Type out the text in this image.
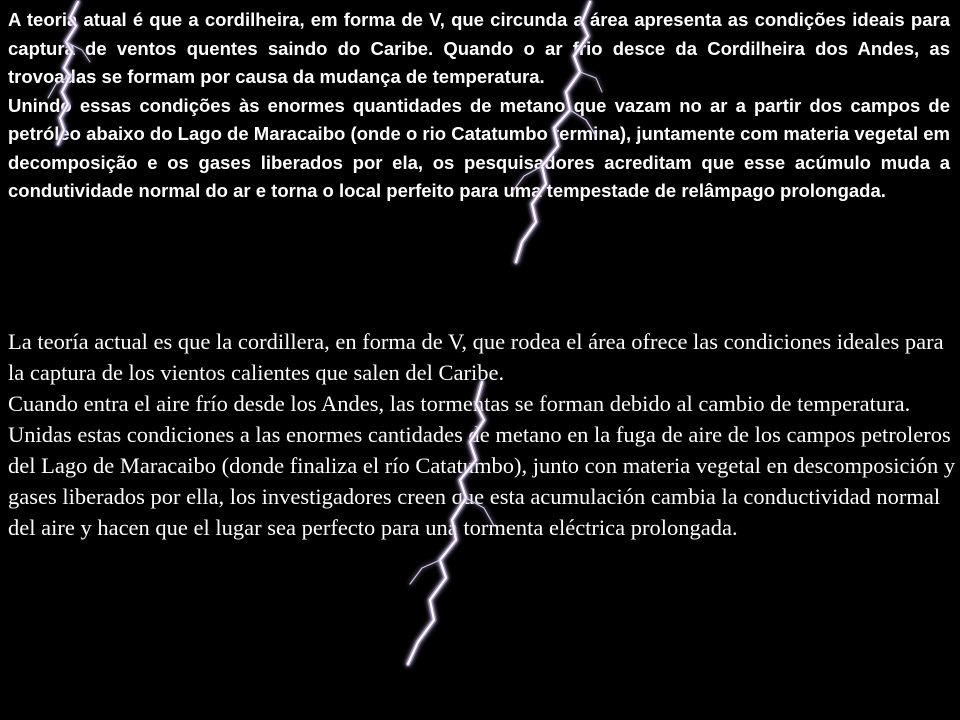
A teoria atual é que a cordilheira, em forma de V, que circunda a área apresenta as condições ideais para captura de ventos quentes saindo do Caribe. Quando o ar frio desce da Cordilheira dos Andes, as trovoadas se formam por causa da mudança de temperatura.

Unindo essas condições às enormes quantidades de metano que vazam no ar a partir dos campos de petróleo abaixo do Lago de Maracaibo (onde o rio Catatumbo termina), juntamente com materia vegetal em decomposição e os gases liberados por ela, os pesquisadores acreditam que esse acúmulo muda a condutividade normal do ar e torna o local perfeito para uma tempestade de relâmpago prolongada.

La teoría actual es que la cordillera, en forma de V, que rodea el área ofrece las condiciones ideales para la captura de los vientos calientes que salen del Caribe.

Cuando entra el aire frío desde los Andes, las tormentas se forman debido al cambio de temperatura.

Unidas estas condiciones a las enormes cantidades de metano en la fuga de aire de los campos petroleros del Lago de Maracaibo (donde finaliza el río Catatumbo), junto con materia vegetal en descomposición y gases liberados por ella, los investigadores creen que esta acumulación cambia la conductividad normal del aire y hacen que el lugar sea perfecto para una tormenta eléctrica prolongada.
